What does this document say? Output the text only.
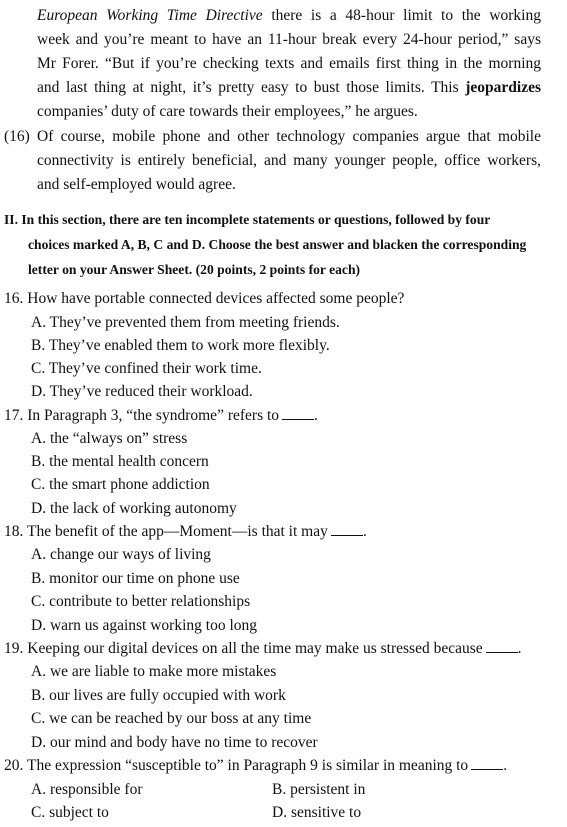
European Working Time Directive there is a 48-hour limit to the working
week and you’re meant to have an 11-hour break every 24-hour period,” says
Mr Forer. “But if you’re checking texts and emails first thing in the morning
and last thing at night, it’s pretty easy to bust those limits. This jeopardizes
companies’ duty of care towards their employees,” he argues.
(16) Of course, mobile phone and other technology companies argue that mobile
connectivity is entirely beneficial, and many younger people, office workers,
and self-employed would agree.
II. In this section, there are ten incomplete statements or questions, followed by four
choices marked A, B, C and D. Choose the best answer and blacken the corresponding
letter on your Answer Sheet. (20 points, 2 points for each)
16. How have portable connected devices affected some people?
A. They’ve prevented them from meeting friends.
B. They’ve enabled them to work more flexibly.
C. They’ve confined their work time.
D. They’ve reduced their workload.
17. In Paragraph 3, “the syndrome” refers to .
A. the “always on” stress
B. the mental health concern
C. the smart phone addiction
D. the lack of working autonomy
18. The benefit of the app—Moment—is that it may .
A. change our ways of living
B. monitor our time on phone use
C. contribute to better relationships
D. warn us against working too long
19. Keeping our digital devices on all the time may make us stressed because .
A. we are liable to make more mistakes
B. our lives are fully occupied with work
C. we can be reached by our boss at any time
D. our mind and body have no time to recover
20. The expression “susceptible to” in Paragraph 9 is similar in meaning to .
A. responsible for	B. persistent in
C. subject to	D. sensitive to
